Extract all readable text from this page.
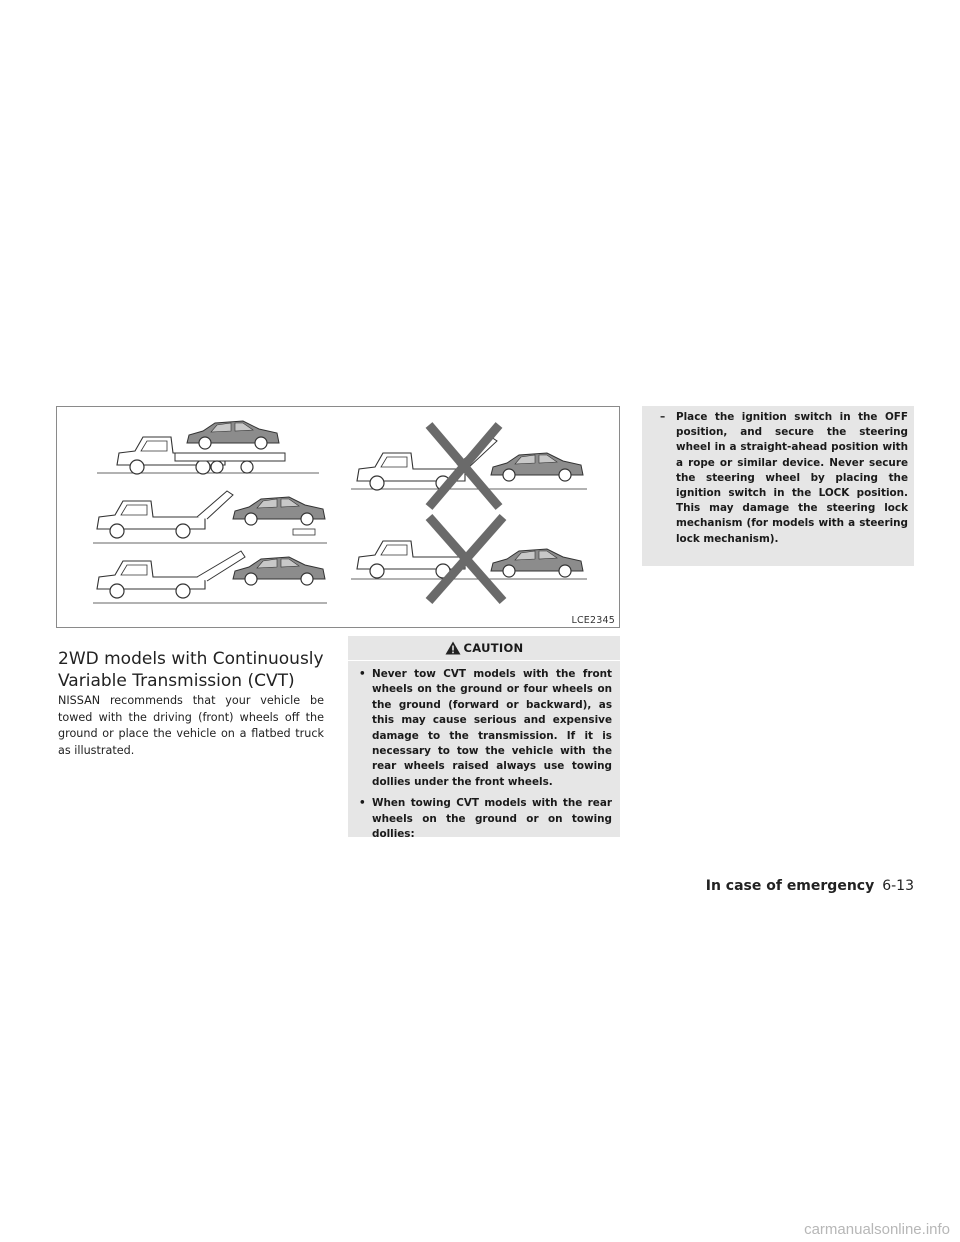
LCE2345
2WD models with Continuously Variable Transmission (CVT)

NISSAN recommends that your vehicle be towed with the driving (front) wheels off the ground or place the vehicle on a flatbed truck as illustrated.

CAUTION
• Never tow CVT models with the front wheels on the ground or four wheels on the ground (forward or backward), as this may cause serious and expensive damage to the transmission. If it is necessary to tow the vehicle with the rear wheels raised always use towing dollies under the front wheels.
• When towing CVT models with the rear wheels on the ground or on towing dollies:
– Place the ignition switch in the OFF position, and secure the steering wheel in a straight-ahead position with a rope or similar device. Never secure the steering wheel by placing the ignition switch in the LOCK position. This may damage the steering lock mechanism (for models with a steering lock mechanism).
In case of emergency 6-13
carmanualsonline.info
